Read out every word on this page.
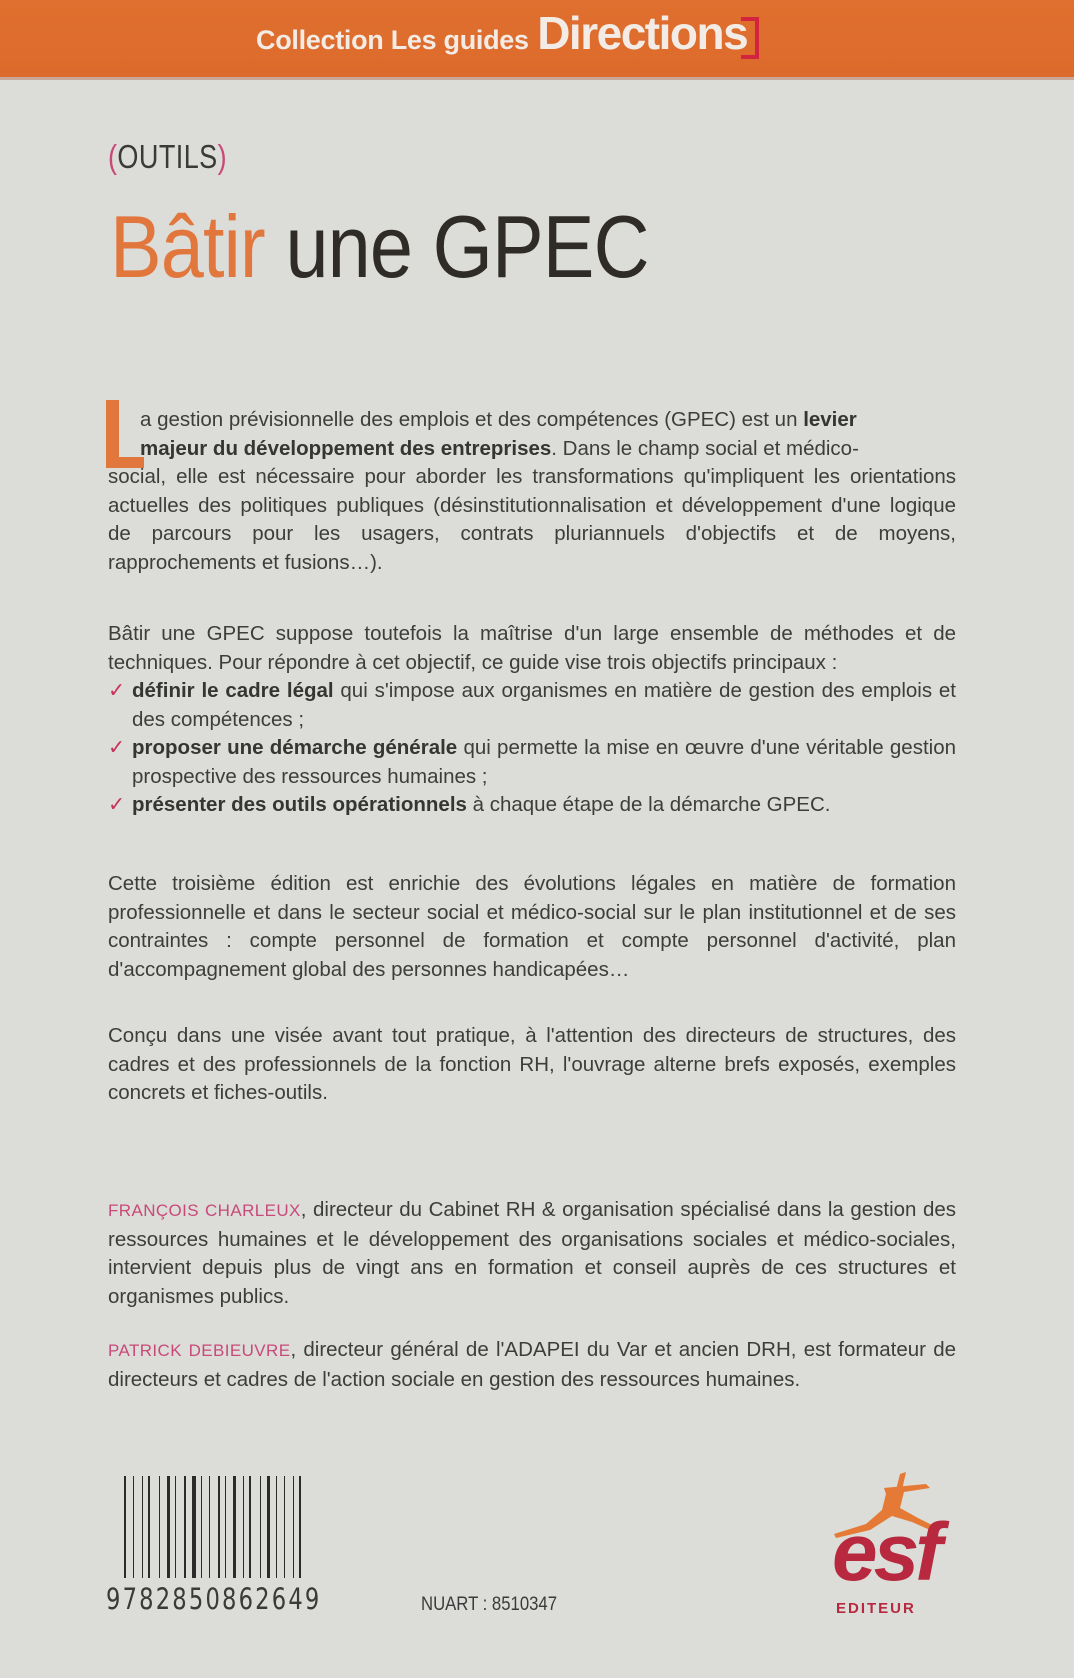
Collection Les guides Directions
(OUTILS)
Bâtir une GPEC
a gestion prévisionnelle des emplois et des compétences (GPEC) est un levier
majeur du développement des entreprises. Dans le champ social et médico-
social, elle est nécessaire pour aborder les transformations qu'impliquent les orientations actuelles des politiques publiques (désinstitutionnalisation et développement d'une logique de parcours pour les usagers, contrats pluriannuels d'objectifs et de moyens, rapprochements et fusions…).
Bâtir une GPEC suppose toutefois la maîtrise d'un large ensemble de méthodes et de techniques. Pour répondre à cet objectif, ce guide vise trois objectifs principaux :
✓ définir le cadre légal qui s'impose aux organismes en matière de gestion des emplois et des compétences ;
✓ proposer une démarche générale qui permette la mise en œuvre d'une véritable gestion prospective des ressources humaines ;
✓ présenter des outils opérationnels à chaque étape de la démarche GPEC.
Cette troisième édition est enrichie des évolutions légales en matière de formation professionnelle et dans le secteur social et médico-social sur le plan institutionnel et de ses contraintes : compte personnel de formation et compte personnel d'activité, plan d'accompagnement global des personnes handicapées…
Conçu dans une visée avant tout pratique, à l'attention des directeurs de structures, des cadres et des professionnels de la fonction RH, l'ouvrage alterne brefs exposés, exemples concrets et fiches-outils.
FRANÇOIS CHARLEUX, directeur du Cabinet RH & organisation spécialisé dans la gestion des ressources humaines et le développement des organisations sociales et médico-sociales, intervient depuis plus de vingt ans en formation et conseil auprès de ces structures et organismes publics.
PATRICK DEBIEUVRE, directeur général de l'ADAPEI du Var et ancien DRH, est formateur de directeurs et cadres de l'action sociale en gestion des ressources humaines.
9782850862649	NUART : 8510347
esf
EDITEUR
